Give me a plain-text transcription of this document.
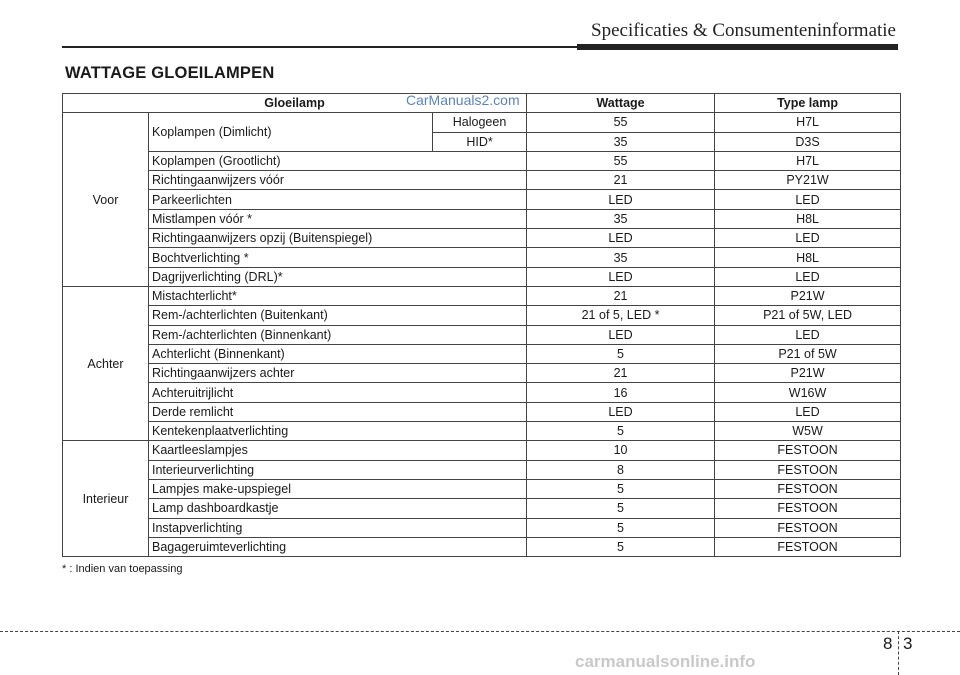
Specificaties & Consumenteninformatie
WATTAGE GLOEILAMPEN
Gloeilamp			Wattage	Type lamp
Voor	Koplampen (Dimlicht)	Halogeen	55	H7L
		HID*	35	D3S
	Koplampen (Grootlicht)		55	H7L
	Richtingaanwijzers vóór		21	PY21W
	Parkeerlichten		LED	LED
	Mistlampen vóór *		35	H8L
	Richtingaanwijzers opzij (Buitenspiegel)		LED	LED
	Bochtverlichting *		35	H8L
	Dagrijverlichting (DRL)*		LED	LED
Achter	Mistachterlicht*		21	P21W
	Rem-/achterlichten (Buitenkant)		21 of 5, LED *	P21 of 5W, LED
	Rem-/achterlichten (Binnenkant)		LED	LED
	Achterlicht (Binnenkant)		5	P21 of 5W
	Richtingaanwijzers achter		21	P21W
	Achteruitrijlicht		16	W16W
	Derde remlicht		LED	LED
	Kentekenplaatverlichting		5	W5W
Interieur	Kaartleeslampjes		10	FESTOON
	Interieurverlichting		8	FESTOON
	Lampjes make-upspiegel		5	FESTOON
	Lamp dashboardkastje		5	FESTOON
	Instapverlichting		5	FESTOON
	Bagageruimteverlichting		5	FESTOON
CarManuals2.com
* : Indien van toepassing
8 3
carmanualsonline.info
